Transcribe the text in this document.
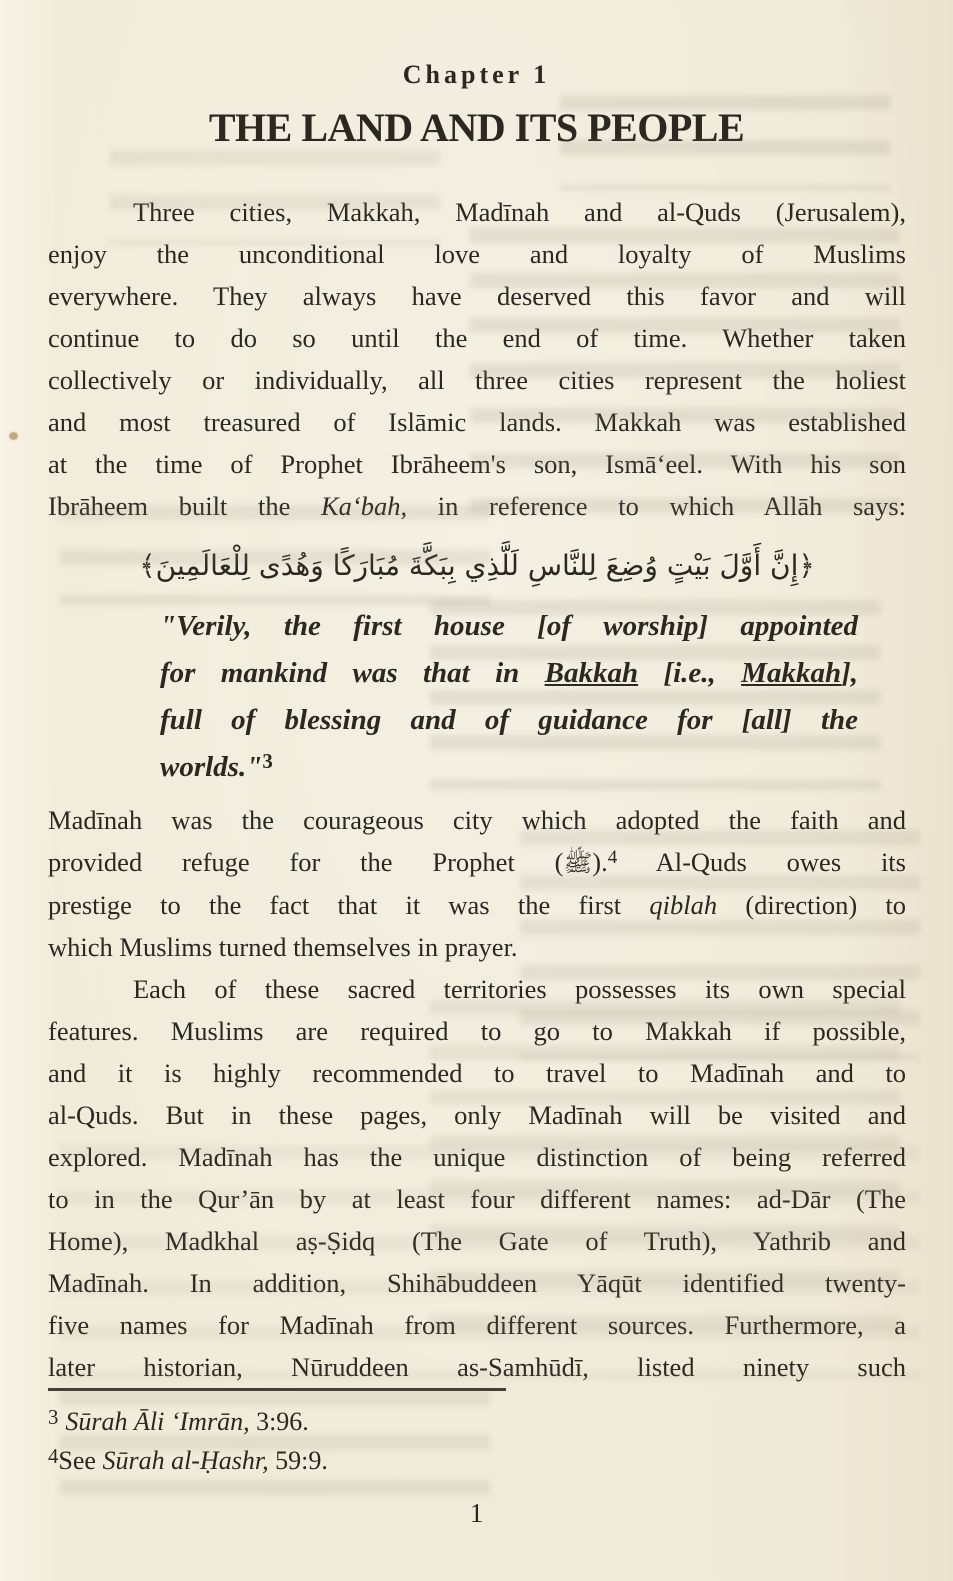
Chapter 1
THE LAND AND ITS PEOPLE
Three cities, Makkah, Madīnah and al-Quds (Jerusalem),
enjoy the unconditional love and loyalty of Muslims
everywhere. They always have deserved this favor and will
continue to do so until the end of time. Whether taken
collectively or individually, all three cities represent the holiest
and most treasured of Islāmic lands. Makkah was established
at the time of Prophet Ibrāheem's son, Ismā‘eel. With his son
Ibrāheem built the Ka‘bah, in reference to which Allāh says:
﴿إِنَّ أَوَّلَ بَيْتٍ وُضِعَ لِلنَّاسِ لَلَّذِي بِبَكَّةَ مُبَارَكًا وَهُدًى لِلْعَالَمِينَ﴾
"Verily, the first house [of worship] appointed
for mankind was that in Bakkah [i.e., Makkah],
full of blessing and of guidance for [all] the
worlds."$^3$
Madīnah was the courageous city which adopted the faith and
provided refuge for the Prophet (ﷺ).$^4$ Al-Quds owes its
prestige to the fact that it was the first qiblah (direction) to
which Muslims turned themselves in prayer.
Each of these sacred territories possesses its own special
features. Muslims are required to go to Makkah if possible,
and it is highly recommended to travel to Madīnah and to
al-Quds. But in these pages, only Madīnah will be visited and
explored. Madīnah has the unique distinction of being referred
to in the Qur’ān by at least four different names: ad-Dār (The
Home), Madkhal aṣ-Ṣidq (The Gate of Truth), Yathrib and
Madīnah. In addition, Shihābuddeen Yāqūt identified twenty-
five names for Madīnah from different sources. Furthermore, a
later historian, Nūruddeen as-Samhūdī, listed ninety such
$^3$ Sūrah Āli ‘Imrān, 3:96.
$^4$See Sūrah al-Ḥashr, 59:9.
1
